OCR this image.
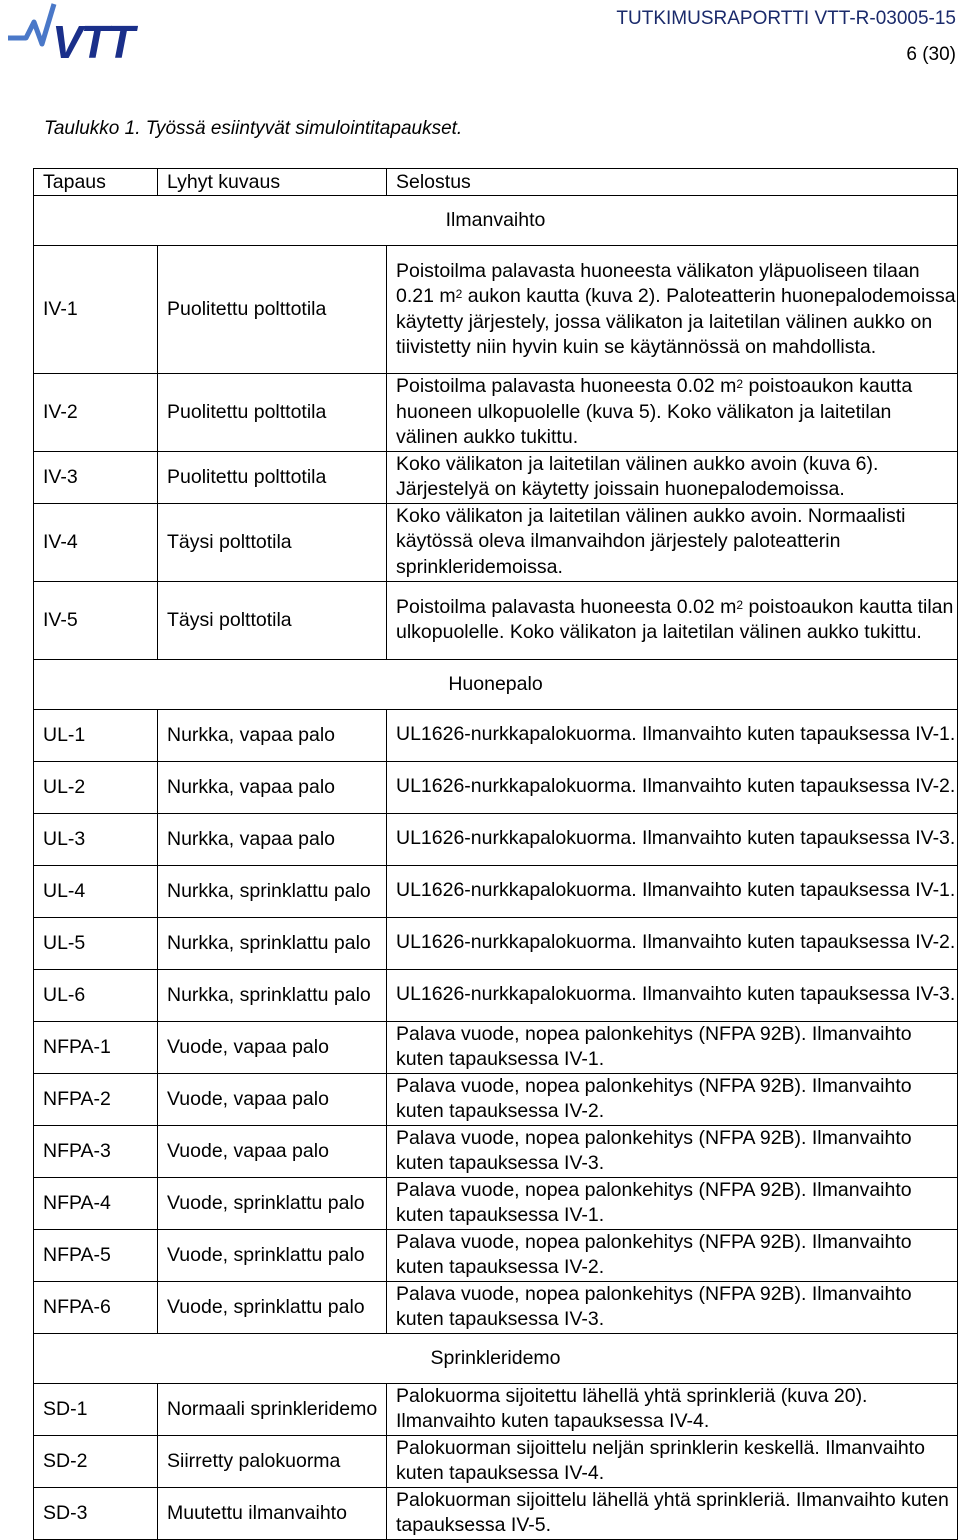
VTT	TUTKIMUSRAPORTTI VTT-R-03005-15
6 (30)
Taulukko 1. Työssä esiintyvät simulointitapaukset.
Tapaus	Lyhyt kuvaus	Selostus
Ilmanvaihto		
IV-1	Puolitettu polttotila	Poistoilma palavasta huoneesta välikaton yläpuoliseen tilaan 0.21 $m^2$ aukon kautta (kuva 2). Paloteatterin huonepalodemoissa käytetty järjestely, jossa välikaton ja laitetilan välinen aukko on tiivistetty niin hyvin kuin se käytännössä on mahdollista.
IV-2	Puolitettu polttotila	Poistoilma palavasta huoneesta 0.02 $m^2$ poistoaukon kautta huoneen ulkopuolelle (kuva 5). Koko välikaton ja laitetilan välinen aukko tukittu.
IV-3	Puolitettu polttotila	Koko välikaton ja laitetilan välinen aukko avoin (kuva 6). Järjestelyä on käytetty joissain huonepalodemoissa.
IV-4	Täysi polttotila	Koko välikaton ja laitetilan välinen aukko avoin. Normaalisti käytössä oleva ilmanvaihdon järjestely paloteatterin sprinkleridemoissa.
IV-5	Täysi polttotila	Poistoilma palavasta huoneesta 0.02 $m^2$ poistoaukon kautta tilan ulkopuolelle. Koko välikaton ja laitetilan välinen aukko tukittu.
Huonepalo		
UL-1	Nurkka, vapaa palo	UL1626-nurkkapalokuorma. Ilmanvaihto kuten tapauksessa IV-1.
UL-2	Nurkka, vapaa palo	UL1626-nurkkapalokuorma. Ilmanvaihto kuten tapauksessa IV-2.
UL-3	Nurkka, vapaa palo	UL1626-nurkkapalokuorma. Ilmanvaihto kuten tapauksessa IV-3.
UL-4	Nurkka, sprinklattu palo	UL1626-nurkkapalokuorma. Ilmanvaihto kuten tapauksessa IV-1.
UL-5	Nurkka, sprinklattu palo	UL1626-nurkkapalokuorma. Ilmanvaihto kuten tapauksessa IV-2.
UL-6	Nurkka, sprinklattu palo	UL1626-nurkkapalokuorma. Ilmanvaihto kuten tapauksessa IV-3.
NFPA-1	Vuode, vapaa palo	Palava vuode, nopea palonkehitys (NFPA 92B). Ilmanvaihto kuten tapauksessa IV-1.
NFPA-2	Vuode, vapaa palo	Palava vuode, nopea palonkehitys (NFPA 92B). Ilmanvaihto kuten tapauksessa IV-2.
NFPA-3	Vuode, vapaa palo	Palava vuode, nopea palonkehitys (NFPA 92B). Ilmanvaihto kuten tapauksessa IV-3.
NFPA-4	Vuode, sprinklattu palo	Palava vuode, nopea palonkehitys (NFPA 92B). Ilmanvaihto kuten tapauksessa IV-1.
NFPA-5	Vuode, sprinklattu palo	Palava vuode, nopea palonkehitys (NFPA 92B). Ilmanvaihto kuten tapauksessa IV-2.
NFPA-6	Vuode, sprinklattu palo	Palava vuode, nopea palonkehitys (NFPA 92B). Ilmanvaihto kuten tapauksessa IV-3.
Sprinkleridemo		
SD-1	Normaali sprinkleridemo	Palokuorma sijoitettu lähellä yhtä sprinkleriä (kuva 20). Ilmanvaihto kuten tapauksessa IV-4.
SD-2	Siirretty palokuorma	Palokuorman sijoittelu neljän sprinklerin keskellä. Ilmanvaihto kuten tapauksessa IV-4.
SD-3	Muutettu ilmanvaihto	Palokuorman sijoittelu lähellä yhtä sprinkleriä. Ilmanvaihto kuten tapauksessa IV-5.
